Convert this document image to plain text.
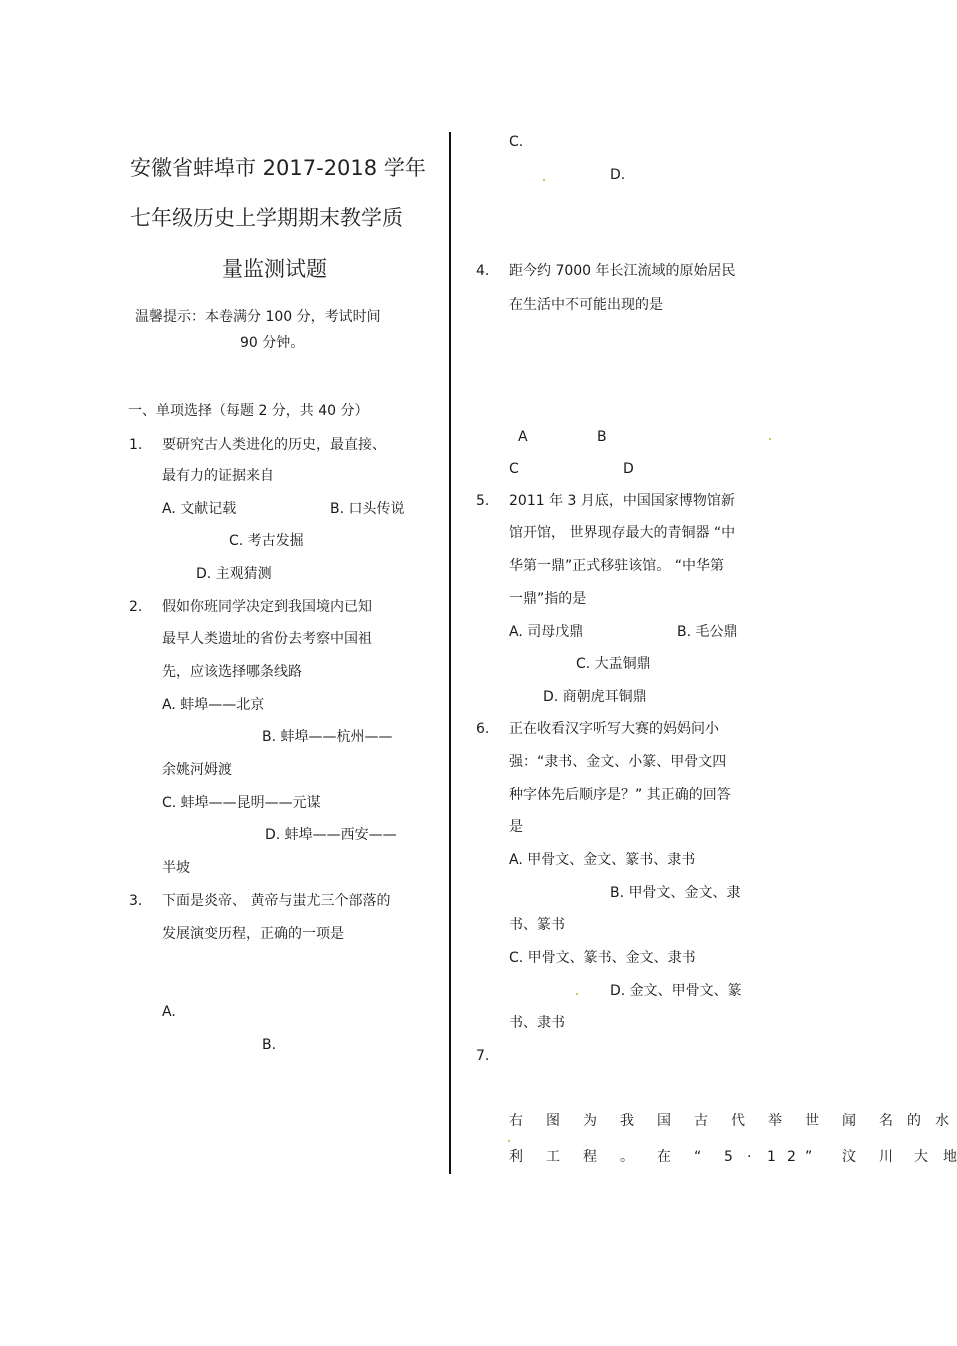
安徽省蚌埠市 2017-2018 学年
七年级历史上学期期末教学质
量监测试题
温馨提示：本卷满分 100 分，考试时间
90 分钟。
一、单项选择（每题 2 分，共 40 分）
1. 要研究古人类进化的历史，最直接、
最有力的证据来自
A. 文献记载	B. 口头传说
C. 考古发掘
D. 主观猜测
2. 假如你班同学决定到我国境内已知
最早人类遗址的省份去考察中国祖
先，应该选择哪条线路
A. 蚌埠——北京
B. 蚌埠——杭州——
余姚河姆渡
C. 蚌埠——昆明——元谋
D. 蚌埠——西安——
半坡
3. 下面是炎帝、 黄帝与蚩尤三个部落的
发展演变历程，正确的一项是
A.
B.
C.
D.
4. 距今约 7000 年长江流域的原始居民
在生活中不可能出现的是
A	B
C	D
5. 2011 年 3 月底，中国国家博物馆新
馆开馆， 世界现存最大的青铜器 “中
华第一鼎”正式移驻该馆。 “中华第
一鼎”指的是
A. 司母戊鼎	B. 毛公鼎
C. 大盂铜鼎
D. 商朝虎耳铜鼎
6. 正在收看汉字听写大赛的妈妈问小
强：“隶书、金文、小篆、甲骨文四
种字体先后顺序是？” 其正确的回答
是
A. 甲骨文、金文、篆书、隶书
B. 甲骨文、金文、隶
书、篆书
C. 甲骨文、篆书、金文、隶书
D. 金文、甲骨文、篆
书、隶书
7.
右 图 为 我 国 古 代 举 世 闻 名 的 水
利 工 程 。 在 “ 5 · 1 2 ” 汶 川 大 地
